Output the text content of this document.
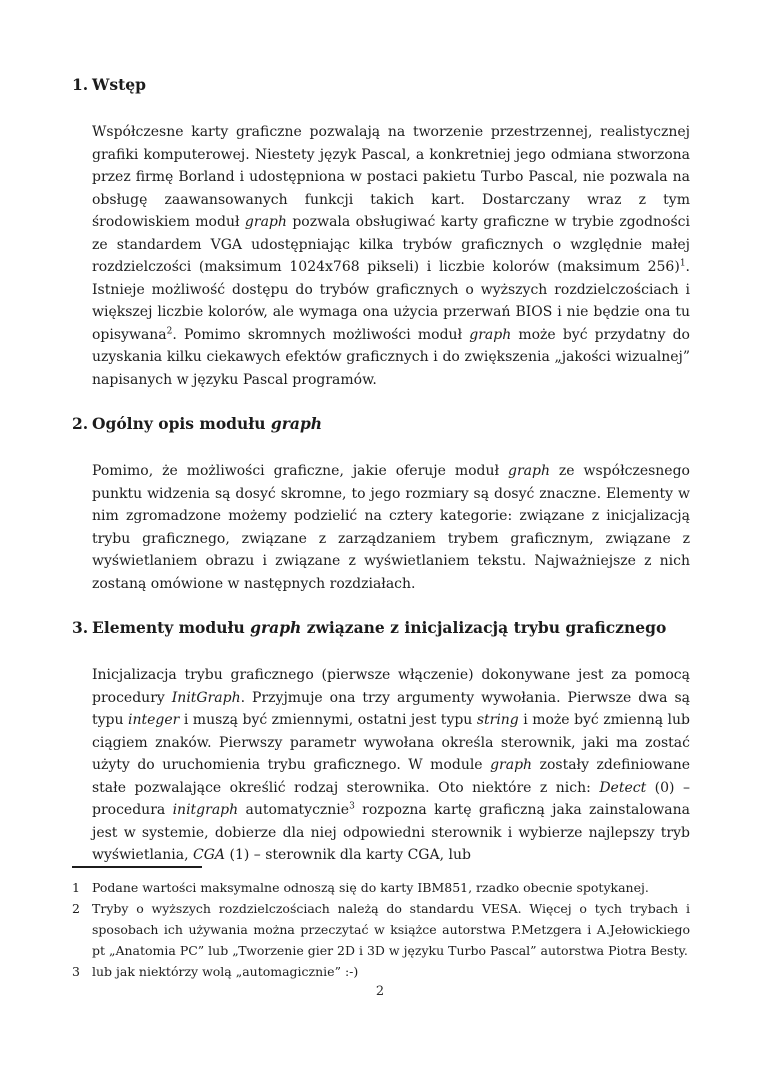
1. Wstęp

Współczesne karty graficzne pozwalają na tworzenie przestrzennej, realistycznej grafiki komputerowej. Niestety język Pascal, a konkretniej jego odmiana stworzona przez firmę Borland i udostępniona w postaci pakietu Turbo Pascal, nie pozwala na obsługę zaawansowanych funkcji takich kart. Dostarczany wraz z tym środowiskiem moduł graph pozwala obsługiwać karty graficzne w trybie zgodności ze standardem VGA udostępniając kilka trybów graficznych o względnie małej rozdzielczości (maksimum 1024x768 pikseli) i liczbie kolorów (maksimum 256)$^1$. Istnieje możliwość dostępu do trybów graficznych o wyższych rozdzielczościach i większej liczbie kolorów, ale wymaga ona użycia przerwań BIOS i nie będzie ona tu opisywana$^2$. Pomimo skromnych możliwości moduł graph może być przydatny do uzyskania kilku ciekawych efektów graficznych i do zwiększenia „jakości wizualnej” napisanych w języku Pascal programów.

2. Ogólny opis modułu graph

Pomimo, że możliwości graficzne, jakie oferuje moduł graph ze współczesnego punktu widzenia są dosyć skromne, to jego rozmiary są dosyć znaczne. Elementy w nim zgromadzone możemy podzielić na cztery kategorie: związane z inicjalizacją trybu graficznego, związane z zarządzaniem trybem graficznym, związane z wyświetlaniem obrazu i związane z wyświetlaniem tekstu. Najważniejsze z nich zostaną omówione w następnych rozdziałach.

3. Elementy modułu graph związane z inicjalizacją trybu graficznego

Inicjalizacja trybu graficznego (pierwsze włączenie) dokonywane jest za pomocą procedury InitGraph. Przyjmuje ona trzy argumenty wywołania. Pierwsze dwa są typu integer i muszą być zmiennymi, ostatni jest typu string i może być zmienną lub ciągiem znaków. Pierwszy parametr wywołana określa sterownik, jaki ma zostać użyty do uruchomienia trybu graficznego. W module graph zostały zdefiniowane stałe pozwalające określić rodzaj sterownika. Oto niektóre z nich: Detect (0) – procedura initgraph automatycznie$^3$ rozpozna kartę graficzną jaka zainstalowana jest w systemie, dobierze dla niej odpowiedni sterownik i wybierze najlepszy tryb wyświetlania, CGA (1) – sterownik dla karty CGA, lub

1 Podane wartości maksymalne odnoszą się do karty IBM851, rzadko obecnie spotykanej.
2 Tryby o wyższych rozdzielczościach należą do standardu VESA. Więcej o tych trybach i sposobach ich używania można przeczytać w książce autorstwa P.Metzgera i A.Jełowickiego pt „Anatomia PC” lub „Tworzenie gier 2D i 3D w języku Turbo Pascal” autorstwa Piotra Besty.
3 lub jak niektórzy wolą „automagicznie” :-)
2
